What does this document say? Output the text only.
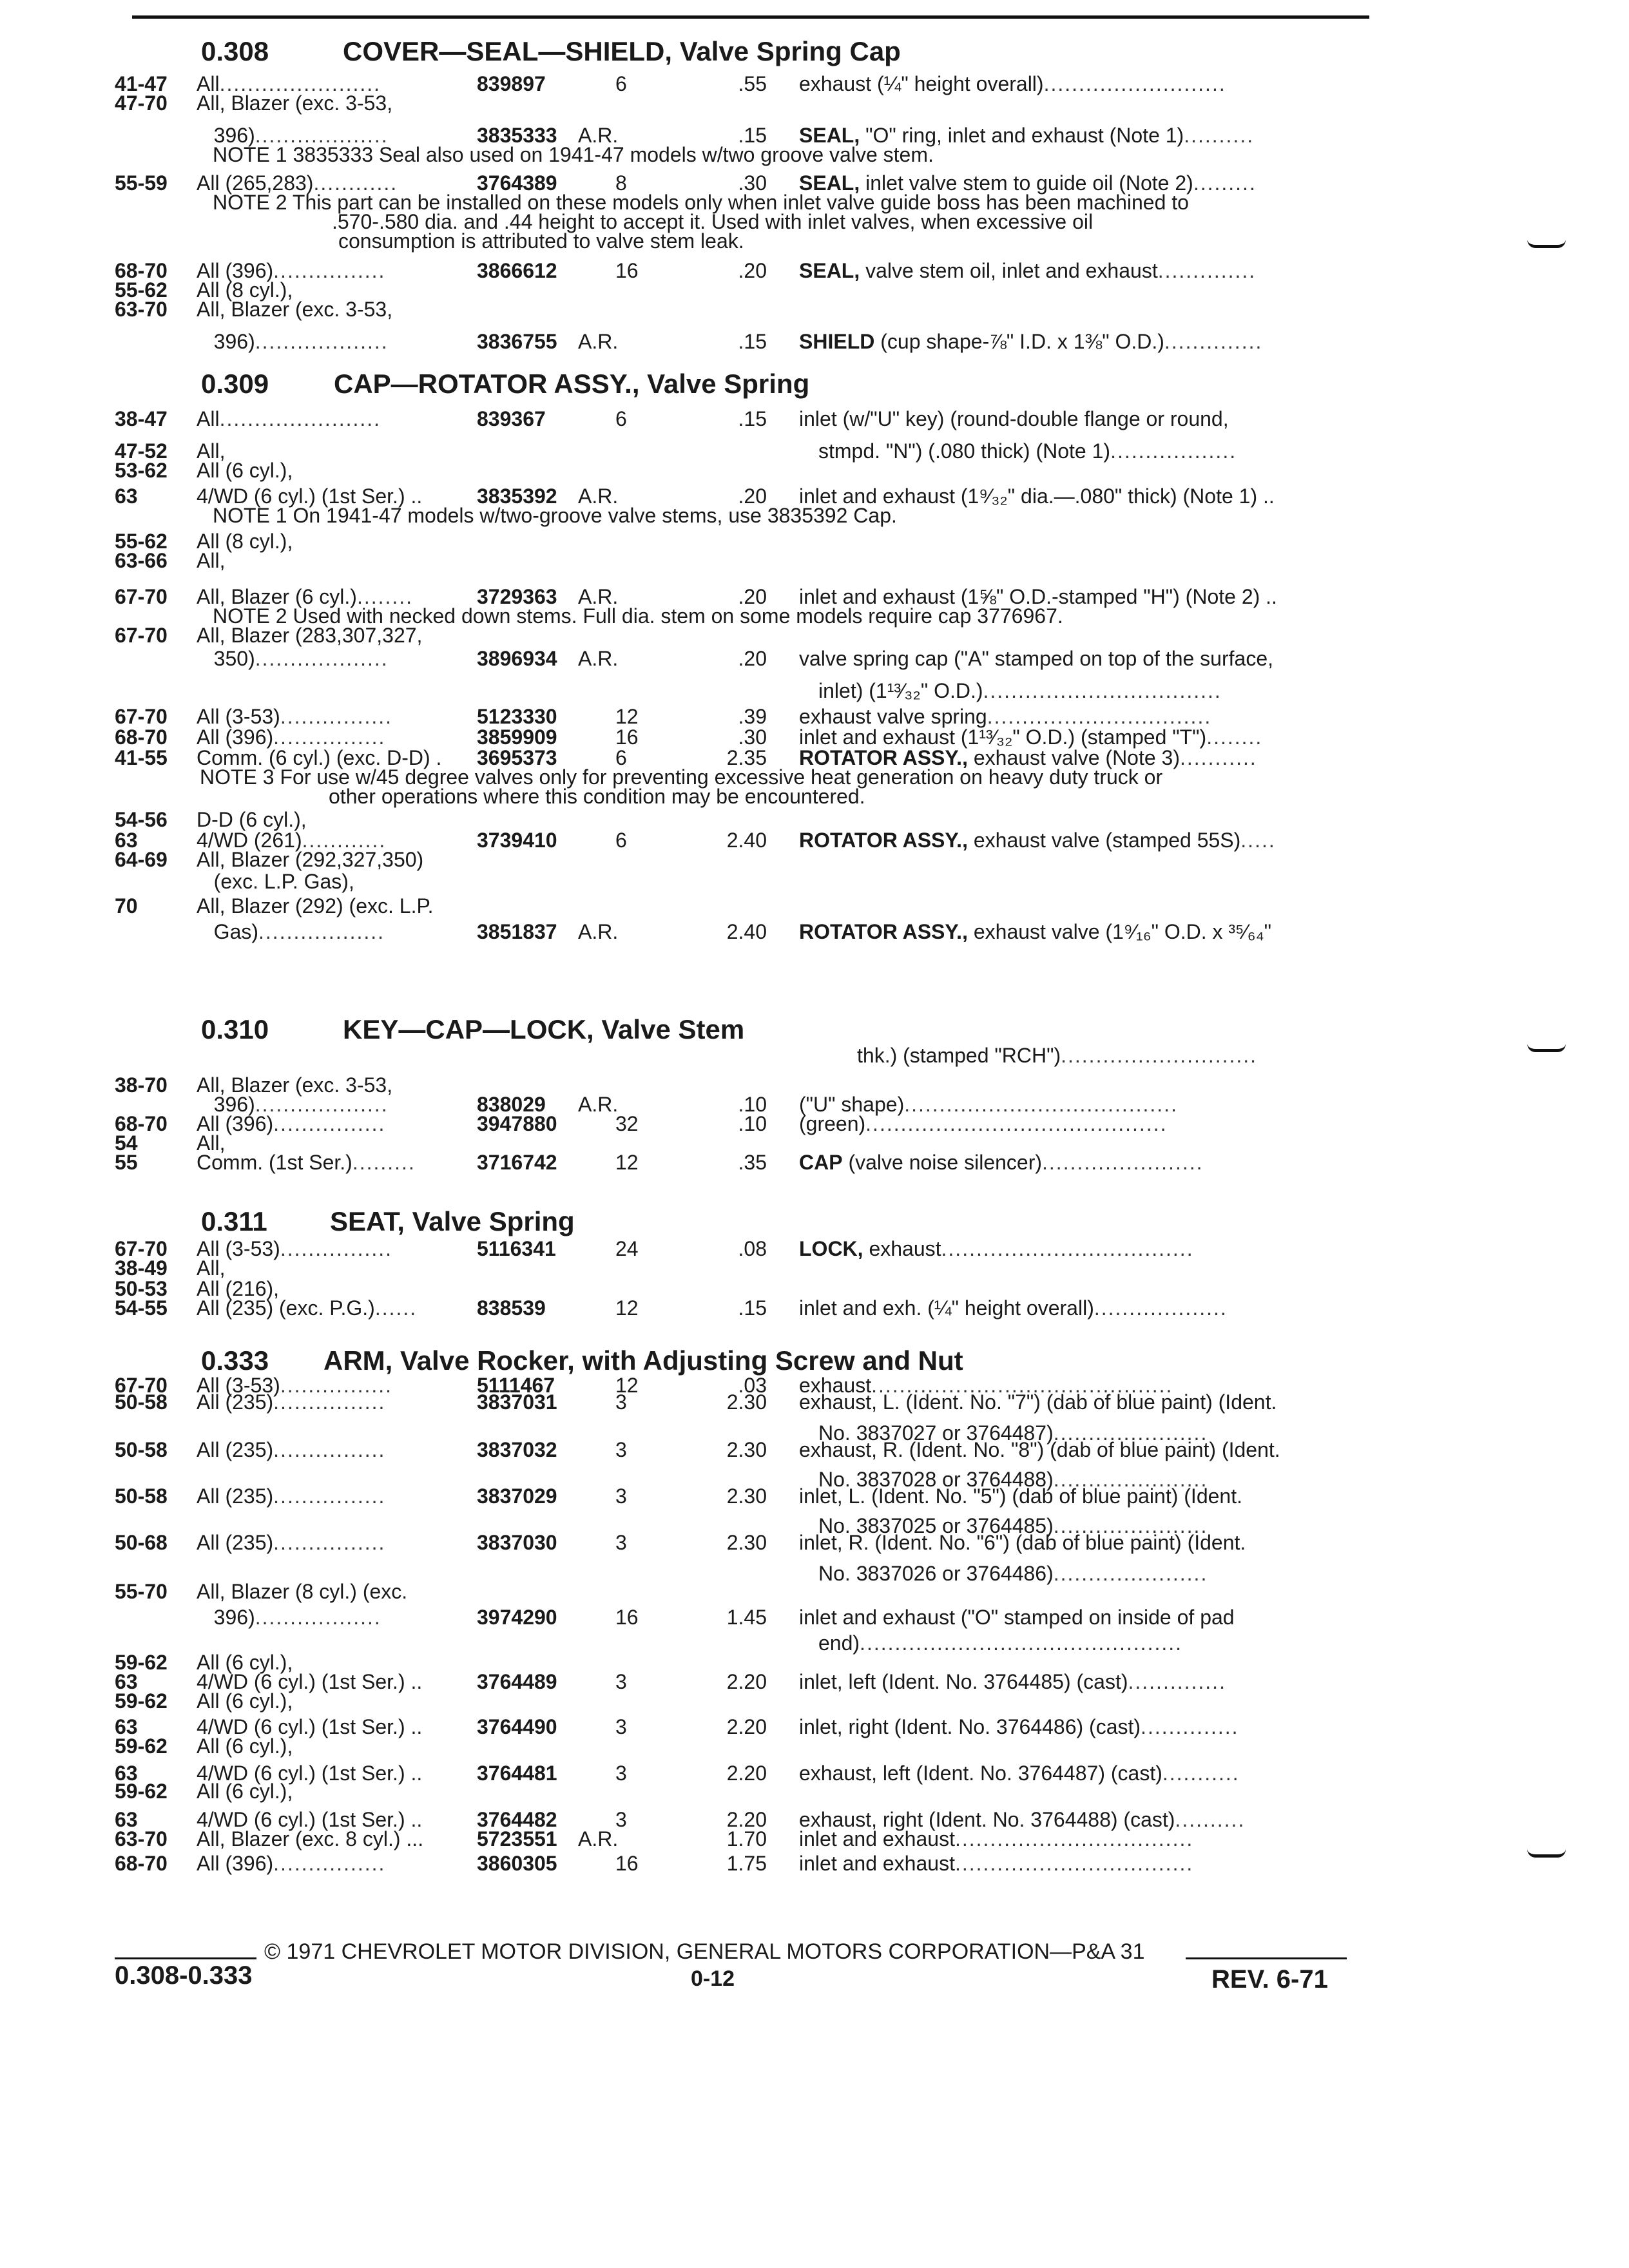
0.308	COVER—SEAL—SHIELD, Valve Spring Cap
0.309 CAP—ROTATOR ASSY., Valve Spring
0.310	KEY—CAP—LOCK, Valve Stem
0.311 SEAT, Valve Spring
0.333 ARM, Valve Rocker, with Adjusting Screw and Nut
41-47 All.......................	839897	6	.55 exhaust (¼" height overall)..........................
47-70 All, Blazer (exc. 3-53,
396)...................	3835333 A.R.	.15 SEAL, "O" ring, inlet and exhaust (Note 1)..........
NOTE 1 3835333 Seal also used on 1941-47 models w/two groove valve stem.
55-59 All (265,283)............	3764389	8	.30 SEAL, inlet valve stem to guide oil (Note 2).........
NOTE 2 This part can be installed on these models only when inlet valve guide boss has been machined to
.570-.580 dia. and .44 height to accept it. Used with inlet valves, when excessive oil
consumption is attributed to valve stem leak.
68-70 All (396)................	3866612	16	.20 SEAL, valve stem oil, inlet and exhaust..............
55-62 All (8 cyl.),
63-70 All, Blazer (exc. 3-53,
396)...................	3836755 A.R.	.15 SHIELD (cup shape-⅞" I.D. x 1⅜" O.D.)..............
38-47 All.......................	839367	6	.15 inlet (w/"U" key) (round-double flange or round,
47-52 All,	stmpd. "N") (.080 thick) (Note 1)..................
53-62 All (6 cyl.),
63	4/WD (6 cyl.) (1st Ser.) ..	3835392 A.R.	.20 inlet and exhaust (1⁹⁄₃₂" dia.—.080" thick) (Note 1) ..
NOTE 1 On 1941-47 models w/two-groove valve stems, use 3835392 Cap.
55-62 All (8 cyl.),
63-66 All,
67-70 All, Blazer (6 cyl.)........	3729363 A.R.	.20 inlet and exhaust (1⅝" O.D.-stamped "H") (Note 2) ..
NOTE 2 Used with necked down stems. Full dia. stem on some models require cap 3776967.
67-70 All, Blazer (283,307,327,
350)...................	3896934 A.R.	.20 valve spring cap ("A" stamped on top of the surface,
inlet) (1¹³⁄₃₂" O.D.)..................................
67-70 All (3-53)................	5123330	12	.39 exhaust valve spring................................
68-70 All (396)................	3859909	16	.30 inlet and exhaust (1¹³⁄₃₂" O.D.) (stamped "T")........
41-55 Comm. (6 cyl.) (exc. D-D) . 3695373	6	2.35 ROTATOR ASSY., exhaust valve (Note 3)...........
NOTE 3 For use w/45 degree valves only for preventing excessive heat generation on heavy duty truck or
other operations where this condition may be encountered.
54-56 D-D (6 cyl.),
63	4/WD (261)............	3739410	6	2.40 ROTATOR ASSY., exhaust valve (stamped 55S).....
64-69 All, Blazer (292,327,350)
(exc. L.P. Gas),
70	All, Blazer (292) (exc. L.P.
Gas)..................	3851837 A.R.	2.40 ROTATOR ASSY., exhaust valve (1⁹⁄₁₆" O.D. x ³⁵⁄₆₄"
thk.) (stamped "RCH")............................
38-70 All, Blazer (exc. 3-53,
396)...................	838029 A.R.	.10 ("U" shape).......................................
68-70 All (396)................	3947880	32	.10 (green)...........................................
54	All,
55	Comm. (1st Ser.).........	3716742	12	.35 CAP (valve noise silencer).......................
67-70 All (3-53)................	5116341	24	.08 LOCK, exhaust....................................
38-49 All,
50-53 All (216),
54-55 All (235) (exc. P.G.)......	838539	12	.15 inlet and exh. (¼" height overall)...................
67-70 All (3-53)................	5111467	12	.03 exhaust...........................................
50-58 All (235)................	3837031	3	2.30 exhaust, L. (Ident. No. "7") (dab of blue paint) (Ident.
No. 3837027 or 3764487)......................
50-58 All (235)................	3837032	3	2.30 exhaust, R. (Ident. No. "8") (dab of blue paint) (Ident.
No. 3837028 or 3764488)......................
50-58 All (235)................	3837029	3	2.30 inlet, L. (Ident. No. "5") (dab of blue paint) (Ident.
No. 3837025 or 3764485)......................
50-68 All (235)................	3837030	3	2.30 inlet, R. (Ident. No. "6") (dab of blue paint) (Ident.
No. 3837026 or 3764486)......................
55-70 All, Blazer (8 cyl.) (exc.
396)..................	3974290	16	1.45 inlet and exhaust ("O" stamped on inside of pad
end)..............................................
59-62 All (6 cyl.),
63	4/WD (6 cyl.) (1st Ser.) ..	3764489	3	2.20 inlet, left (Ident. No. 3764485) (cast)..............
59-62 All (6 cyl.),
63	4/WD (6 cyl.) (1st Ser.) ..	3764490	3	2.20 inlet, right (Ident. No. 3764486) (cast)..............
59-62 All (6 cyl.),
63	4/WD (6 cyl.) (1st Ser.) ..	3764481	3	2.20 exhaust, left (Ident. No. 3764487) (cast)...........
59-62 All (6 cyl.),
63	4/WD (6 cyl.) (1st Ser.) ..	3764482	3	2.20 exhaust, right (Ident. No. 3764488) (cast)..........
63-70 All, Blazer (exc. 8 cyl.) ...	5723551 A.R.	1.70 inlet and exhaust..................................
68-70 All (396)................	3860305	16	1.75 inlet and exhaust..................................
© 1971 CHEVROLET MOTOR DIVISION, GENERAL MOTORS CORPORATION—P&A 31
0.308-0.333	0-12	REV. 6-71
